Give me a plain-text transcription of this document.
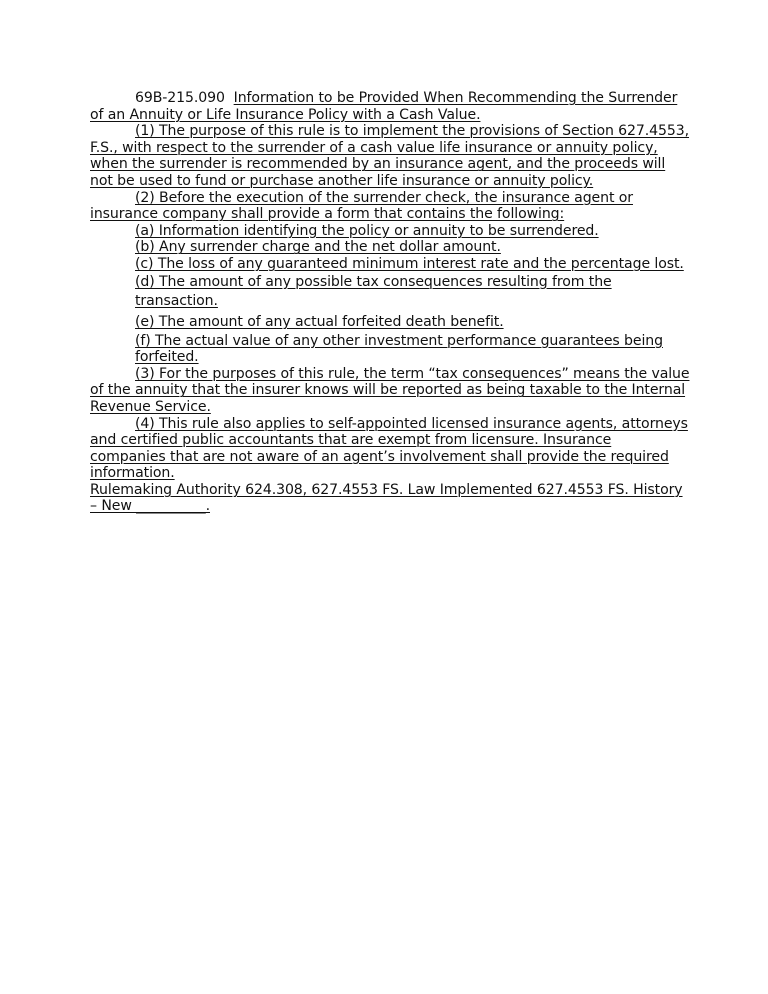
69B-215.090 Information to be Provided When Recommending the Surrender of an Annuity or Life Insurance Policy with a Cash Value.

(1) The purpose of this rule is to implement the provisions of Section 627.4553, F.S., with respect to the surrender of a cash value life insurance or annuity policy, when the surrender is recommended by an insurance agent, and the proceeds will not be used to fund or purchase another life insurance or annuity policy.

(2) Before the execution of the surrender check, the insurance agent or insurance company shall provide a form that contains the following:

(a) Information identifying the policy or annuity to be surrendered.

(b) Any surrender charge and the net dollar amount.

(c) The loss of any guaranteed minimum interest rate and the percentage lost.

(d) The amount of any possible tax consequences resulting from the transaction.

(e) The amount of any actual forfeited death benefit.

(f) The actual value of any other investment performance guarantees being forfeited.

(3) For the purposes of this rule, the term “tax consequences” means the value of the annuity that the insurer knows will be reported as being taxable to the Internal Revenue Service.

(4) This rule also applies to self-appointed licensed insurance agents, attorneys and certified public accountants that are exempt from licensure. Insurance companies that are not aware of an agent’s involvement shall provide the required information.

Rulemaking Authority 624.308, 627.4553 FS. Law Implemented 627.4553 FS. History – New __________.
